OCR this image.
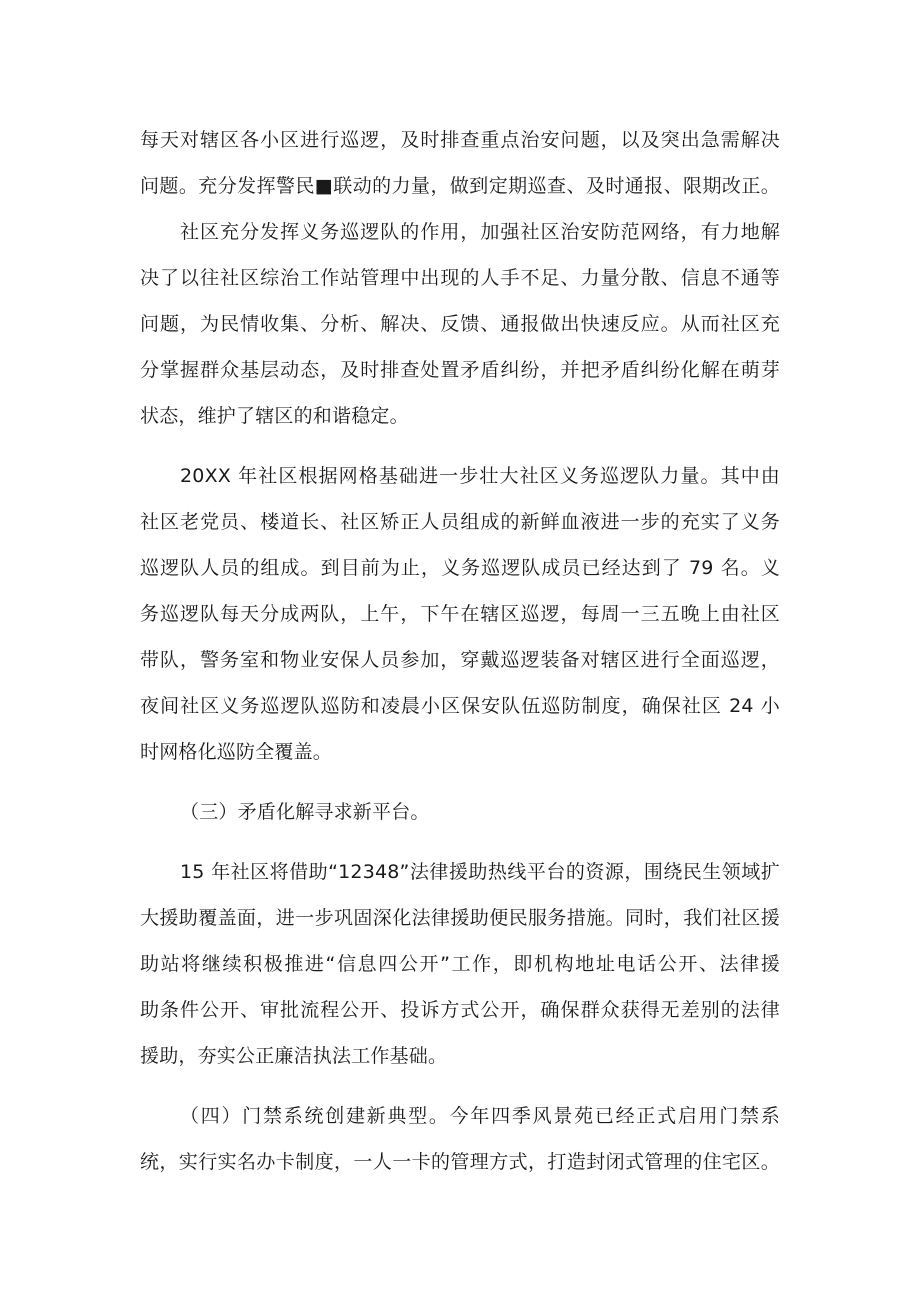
每天对辖区各小区进行巡逻，及时排查重点治安问题，以及突出急需解决

问题。充分发挥警民■联动的力量，做到定期巡查、及时通报、限期改正。

社区充分发挥义务巡逻队的作用，加强社区治安防范网络，有力地解

决了以往社区综治工作站管理中出现的人手不足、力量分散、信息不通等

问题，为民情收集、分析、解决、反馈、通报做出快速反应。从而社区充

分掌握群众基层动态，及时排查处置矛盾纠纷，并把矛盾纠纷化解在萌芽

状态，维护了辖区的和谐稳定。

20XX 年社区根据网格基础进一步壮大社区义务巡逻队力量。其中由

社区老党员、楼道长、社区矫正人员组成的新鲜血液进一步的充实了义务

巡逻队人员的组成。到目前为止，义务巡逻队成员已经达到了 79 名。义

务巡逻队每天分成两队，上午，下午在辖区巡逻，每周一三五晚上由社区

带队，警务室和物业安保人员参加，穿戴巡逻装备对辖区进行全面巡逻，

夜间社区义务巡逻队巡防和凌晨小区保安队伍巡防制度，确保社区 24 小

时网格化巡防全覆盖。

（三）矛盾化解寻求新平台。

15 年社区将借助“12348”法律援助热线平台的资源，围绕民生领域扩

大援助覆盖面，进一步巩固深化法律援助便民服务措施。同时，我们社区援

助站将继续积极推进“信息四公开”工作，即机构地址电话公开、法律援

助条件公开、审批流程公开、投诉方式公开，确保群众获得无差别的法律

援助，夯实公正廉洁执法工作基础。

（四）门禁系统创建新典型。今年四季风景苑已经正式启用门禁系

统，实行实名办卡制度，一人一卡的管理方式，打造封闭式管理的住宅区。
